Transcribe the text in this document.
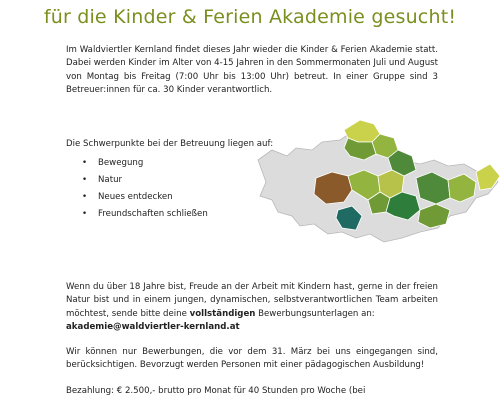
für die Kinder & Ferien Akademie gesucht!
Im Waldviertler Kernland findet dieses Jahr wieder die Kinder & Ferien Akademie statt. Dabei werden Kinder im Alter von 4-15 Jahren in den Sommermonaten Juli und August von Montag bis Freitag (7:00 Uhr bis 13:00 Uhr) betreut. In einer Gruppe sind 3 Betreuer:innen für ca. 30 Kinder verantwortlich.
Die Schwerpunkte bei der Betreuung liegen auf:
• Bewegung
• Natur
• Neues entdecken
• Freundschaften schließen
Wenn du über 18 Jahre bist, Freude an der Arbeit mit Kindern hast, gerne in der freien Natur bist und in einem jungen, dynamischen, selbstverantwortlichen Team arbeiten möchtest, sende bitte deine vollständigen Bewerbungsunterlagen an:
akademie@waldviertler-kernland.at
Wir können nur Bewerbungen, die vor dem 31. März bei uns eingegangen sind, berücksichtigen. Bevorzugt werden Personen mit einer pädagogischen Ausbildung!
Bezahlung: € 2.500,- brutto pro Monat für 40 Stunden pro Woche (bei
